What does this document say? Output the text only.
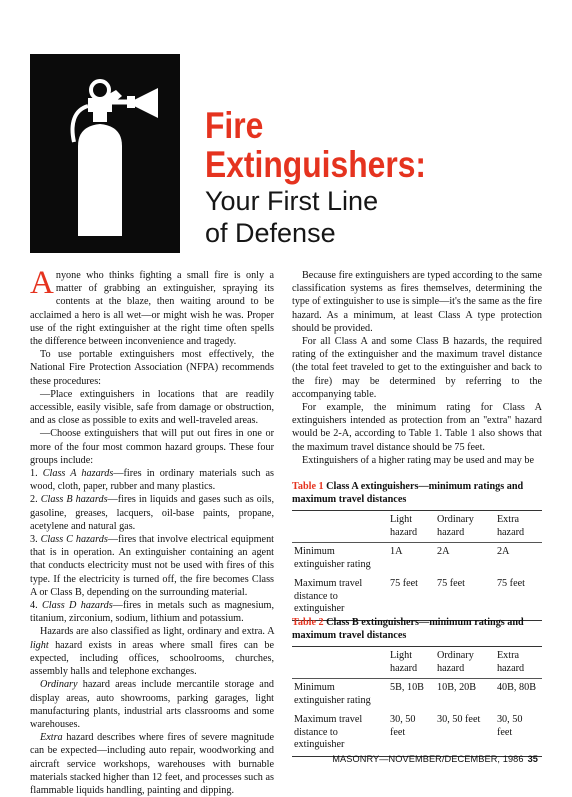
Fire
Extinguishers:
Your First Line
of Defense

Anyone who thinks fighting a small fire is only a matter of grabbing an extinguisher, spraying its contents at the blaze, then waiting around to be acclaimed a hero is all wet—or might wish he was. Proper use of the right extinguisher at the right time often spells the difference between inconvenience and tragedy.

To use portable extinguishers most effectively, the National Fire Protection Association (NFPA) recommends these procedures:

—Place extinguishers in locations that are readily accessible, easily visible, safe from damage or obstruction, and as close as possible to exits and well-traveled areas.

—Choose extinguishers that will put out fires in one or more of the four most common hazard groups. These four groups include:

1. Class A hazards—fires in ordinary materials such as wood, cloth, paper, rubber and many plastics.

2. Class B hazards—fires in liquids and gases such as oils, gasoline, greases, lacquers, oil-base paints, propane, acetylene and natural gas.

3. Class C hazards—fires that involve electrical equipment that is in operation. An extinguisher containing an agent that conducts electricity must not be used with fires of this type. If the electricity is turned off, the fire becomes Class A or Class B, depending on the surrounding material.

4. Class D hazards—fires in metals such as magnesium, titanium, zirconium, sodium, lithium and potassium.

Hazards are also classified as light, ordinary and extra. A light hazard exists in areas where small fires can be expected, including offices, schoolrooms, churches, assembly halls and telephone exchanges.

Ordinary hazard areas include mercantile storage and display areas, auto showrooms, parking garages, light manufacturing plants, industrial arts classrooms and some warehouses.

Extra hazard describes where fires of severe magnitude can be expected—including auto repair, woodworking and aircraft service workshops, warehouses with burnable materials stacked higher than 12 feet, and processes such as flammable liquids handling, painting and dipping.

Because fire extinguishers are typed according to the same classification systems as fires themselves, determining the type of extinguisher to use is simple—it's the same as the fire hazard. As a minimum, at least Class A type protection should be provided.

For all Class A and some Class B hazards, the required rating of the extinguisher and the maximum travel distance (the total feet traveled to get to the extinguisher and back to the fire) may be determined by referring to the accompanying table.

For example, the minimum rating for Class A extinguishers intended as protection from an ''extra'' hazard would be 2-A, according to Table 1. Table 1 also shows that the maximum travel distance should be 75 feet.

Extinguishers of a higher rating may be used and may be

Table 1 Class A extinguishers—minimum ratings and maximum travel distances
	Light hazard	Ordinary hazard	Extra hazard
Minimum extinguisher rating	1A	2A	2A
Maximum travel distance to extinguisher	75 feet	75 feet	75 feet
Table 2 Class B extinguishers—minimum ratings and maximum travel distances
	Light hazard	Ordinary hazard	Extra hazard
Minimum extinguisher rating	5B, 10B	10B, 20B	40B, 80B
Maximum travel distance to extinguisher	30, 50 feet	30, 50 feet	30, 50 feet
MASONRY—NOVEMBER/DECEMBER, 1986 35
